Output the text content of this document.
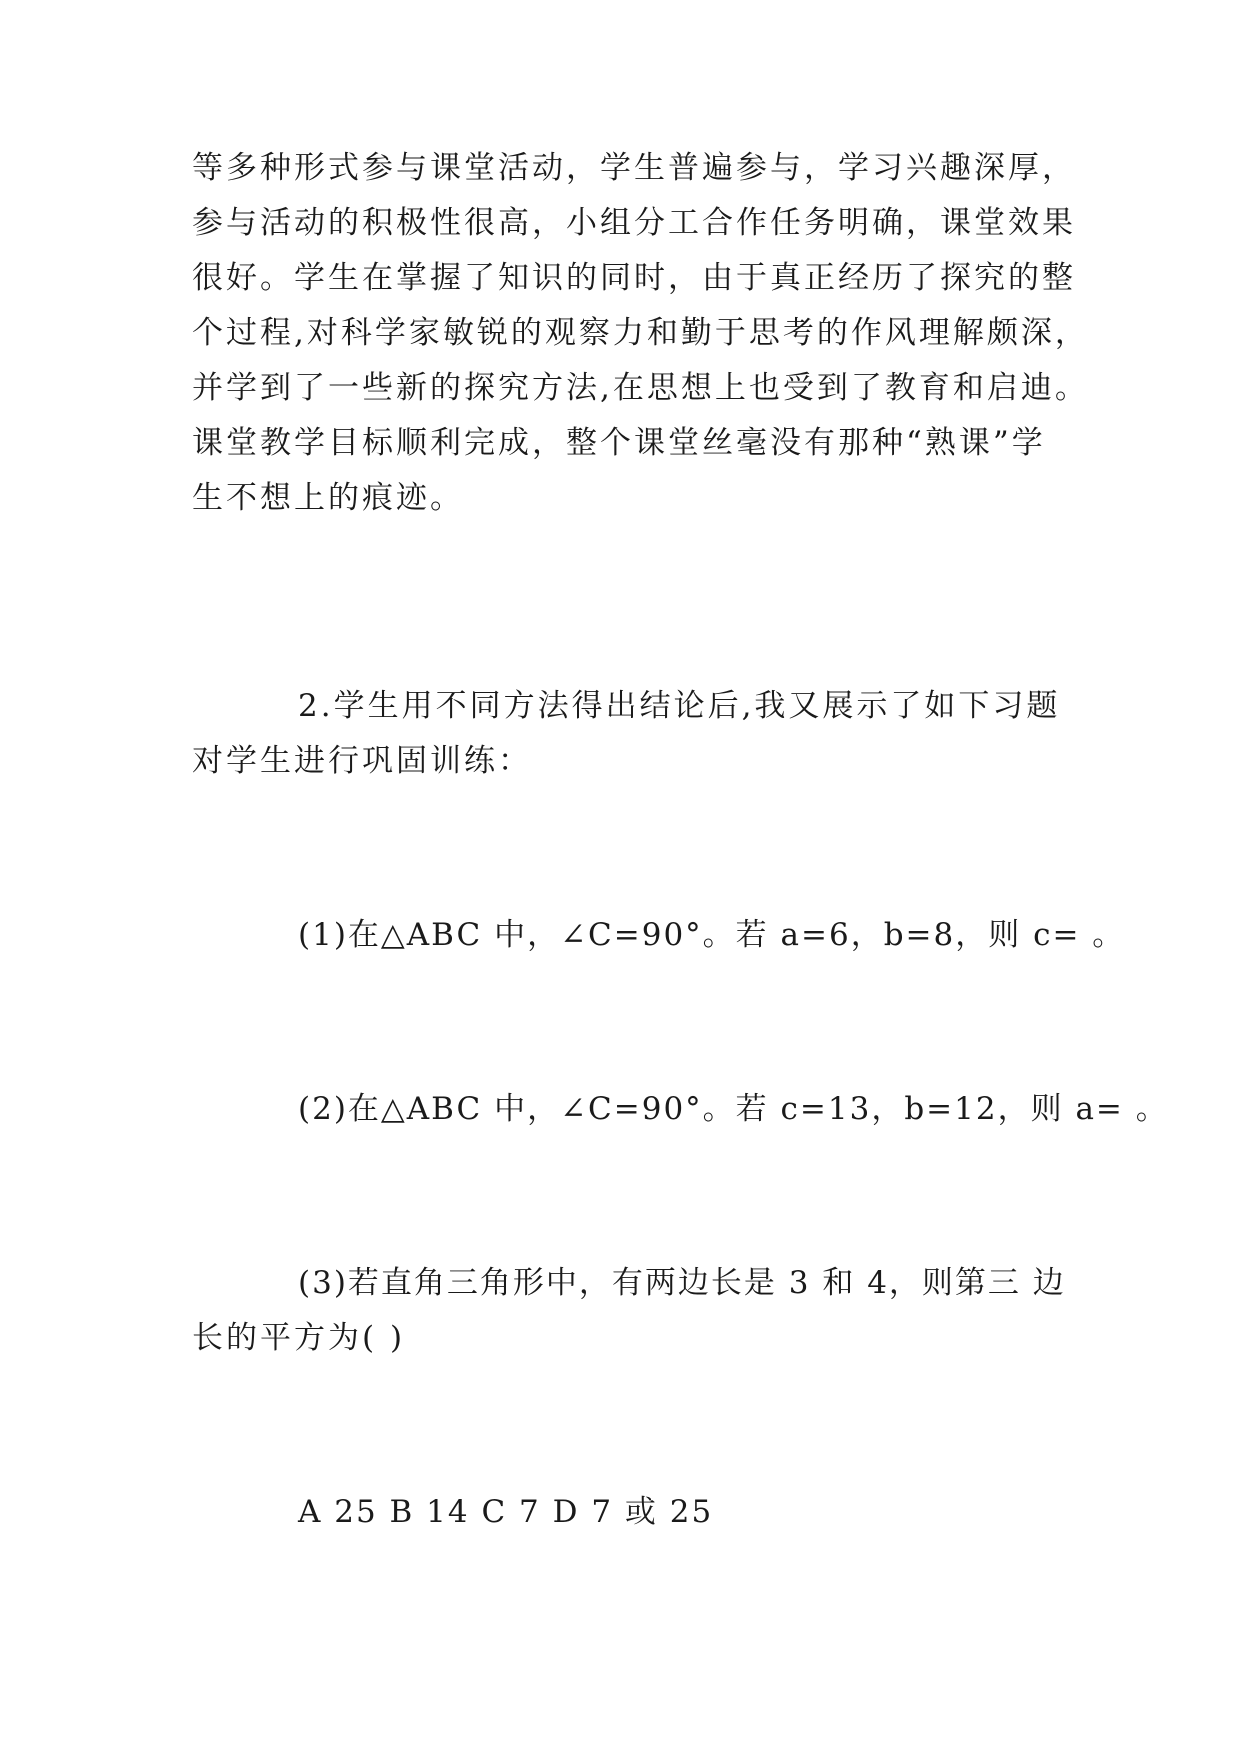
等多种形式参与课堂活动，学生普遍参与，学习兴趣深厚，

参与活动的积极性很高，小组分工合作任务明确，课堂效果

很好。学生在掌握了知识的同时，由于真正经历了探究的整

个过程,对科学家敏锐的观察力和勤于思考的作风理解颇深，

并学到了一些新的探究方法,在思想上也受到了教育和启迪。

课堂教学目标顺利完成，整个课堂丝毫没有那种“熟课”学

生不想上的痕迹。

2.学生用不同方法得出结论后,我又展示了如下习题

对学生进行巩固训练：

(1)在△ABC 中，∠C=90°。若 a=6，b=8，则 c= 。

(2)在△ABC 中，∠C=90°。若 c=13，b=12，则 a= 。

(3)若直角三角形中，有两边长是 3 和 4，则第三 边

长的平方为( )

A 25 B 14 C 7 D 7 或 25
